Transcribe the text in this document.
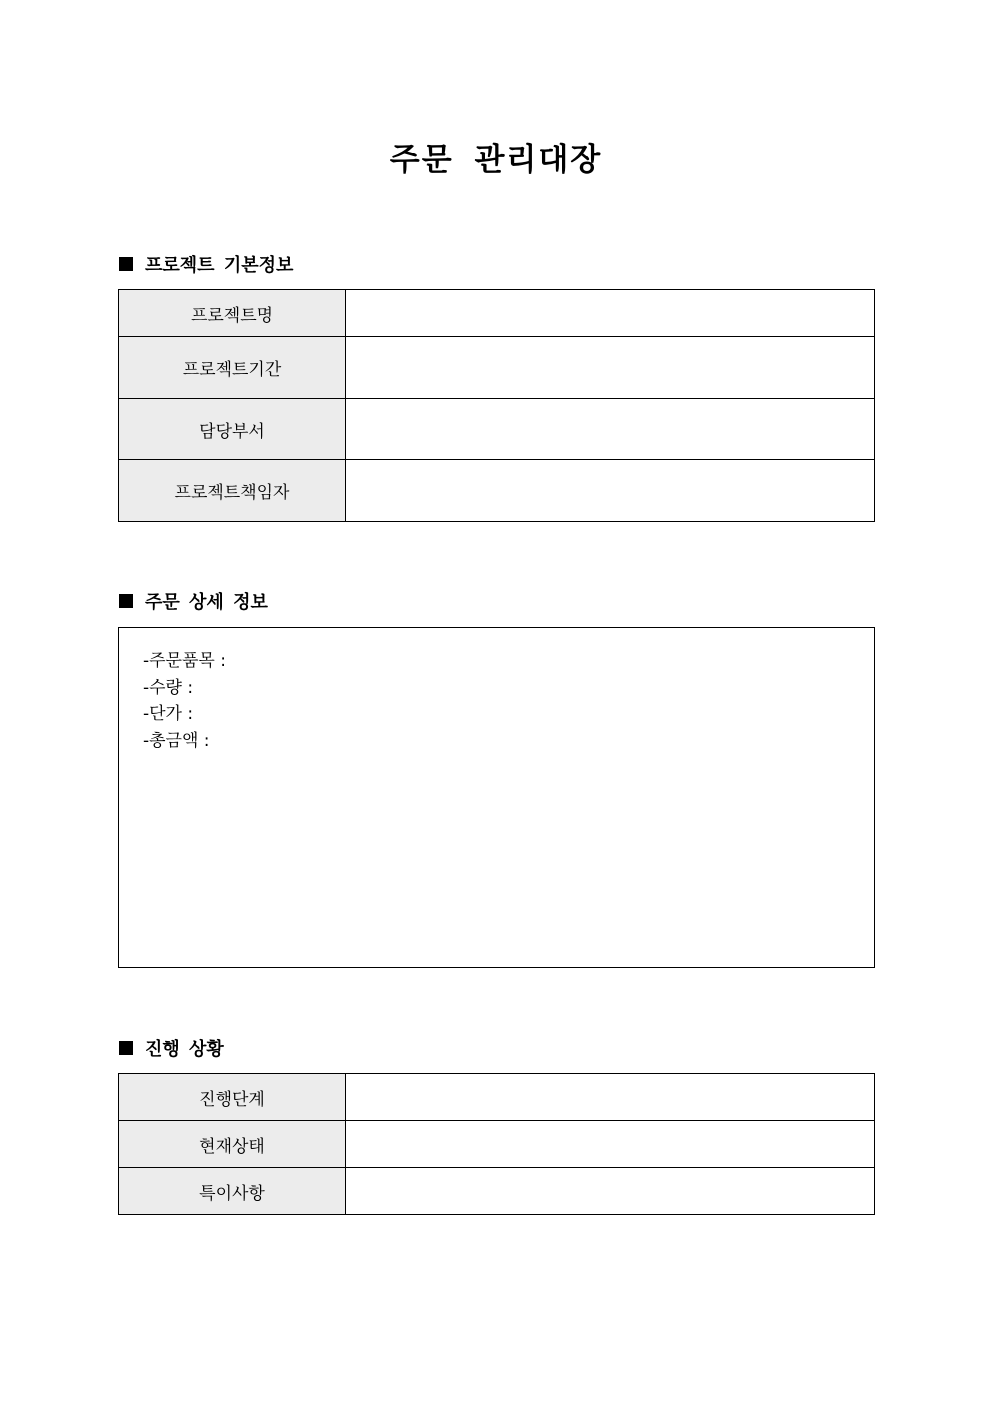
주문 관리대장
프로젝트 기본정보
프로젝트명	
프로젝트기간	
담당부서	
프로젝트책임자	
주문 상세 정보
-주문품목 :
-수량 :
-단가 :
-총금액 :
진행 상황
진행단계	
현재상태	
특이사항	
